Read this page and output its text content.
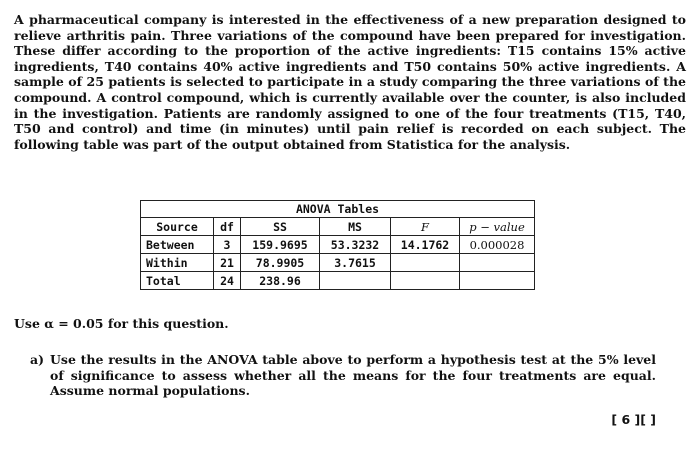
A pharmaceutical company is interested in the effectiveness of a new preparation designed to relieve arthritis pain. Three variations of the compound have been prepared for investigation. These differ according to the proportion of the active ingredients: T15 contains 15% active ingredients, T40 contains 40% active ingredients and T50 contains 50% active ingredients. A sample of 25 patients is selected to participate in a study comparing the three variations of the compound. A control compound, which is currently available over the counter, is also included in the investigation. Patients are randomly assigned to one of the four treatments (T15, T40, T50 and control) and time (in minutes) until pain relief is recorded on each subject. The following table was part of the output obtained from Statistica for the analysis.

ANOVA Tables
Source	df	SS	MS	F	p − value
Between	3	159.9695	53.3232	14.1762	0.000028
Within	21	78.9905	3.7615		
Total	24	238.96			
Use α = 0.05 for this question.
a) Use the results in the ANOVA table above to perform a hypothesis test at the 5% level of significance to assess whether all the means for the four treatments are equal. Assume normal populations.
[ 6 ][ ]
